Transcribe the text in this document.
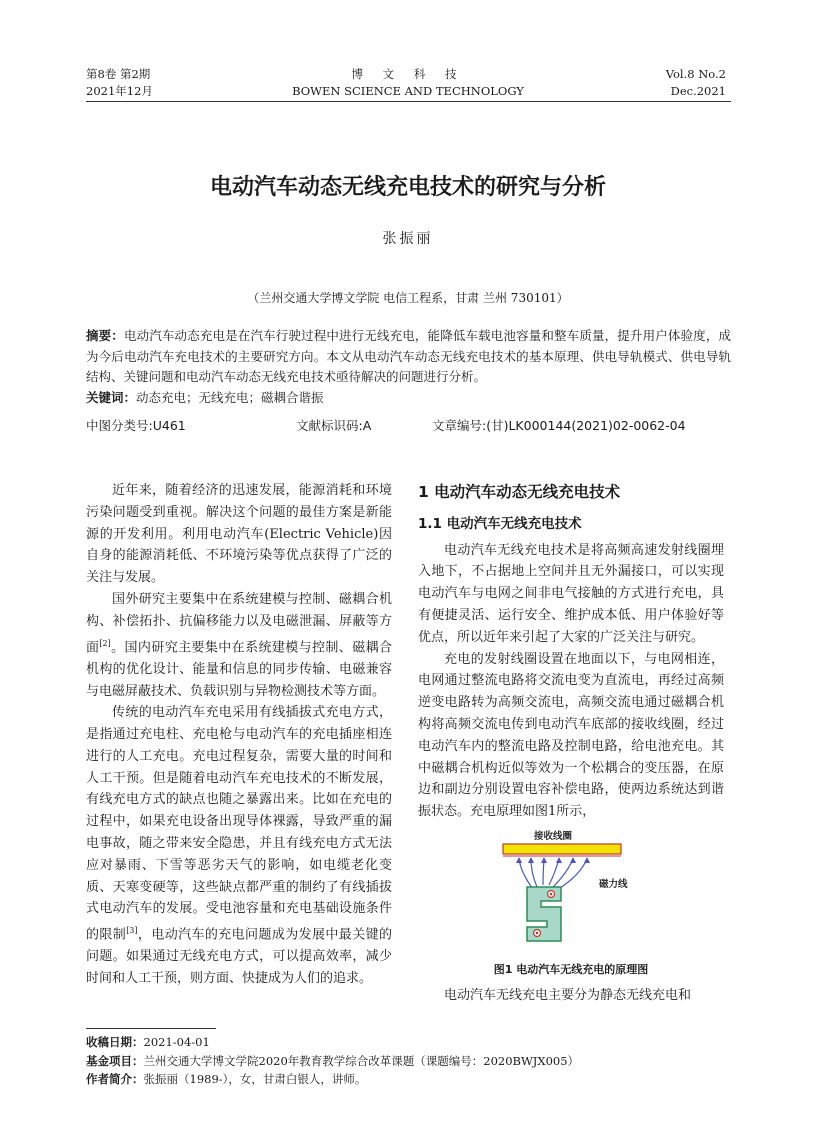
第8卷 第2期
2021年12月
博 文 科 技
BOWEN SCIENCE AND TECHNOLOGY
Vol.8 No.2
Dec.2021
电动汽车动态无线充电技术的研究与分析
张振丽
（兰州交通大学博文学院 电信工程系，甘肃 兰州 730101）
摘要：电动汽车动态充电是在汽车行驶过程中进行无线充电，能降低车载电池容量和整车质量，提升用户体验度，成为今后电动汽车充电技术的主要研究方向。本文从电动汽车动态无线充电技术的基本原理、供电导轨模式、供电导轨结构、关键问题和电动汽车动态无线充电技术亟待解决的问题进行分析。
关键词：动态充电；无线充电；磁耦合谐振
中图分类号:U461	文献标识码:A	文章编号:(甘)LK000144(2021)02-0062-04

近年来，随着经济的迅速发展，能源消耗和环境污染问题受到重视。解决这个问题的最佳方案是新能源的开发利用。利用电动汽车(Electric Vehicle)因自身的能源消耗低、不环境污染等优点获得了广泛的关注与发展。

国外研究主要集中在系统建模与控制、磁耦合机构、补偿拓扑、抗偏移能力以及电磁泄漏、屏蔽等方面[2]。国内研究主要集中在系统建模与控制、磁耦合机构的优化设计、能量和信息的同步传输、电磁兼容与电磁屏蔽技术、负载识别与异物检测技术等方面。

传统的电动汽车充电采用有线插拔式充电方式，是指通过充电柱、充电枪与电动汽车的充电插座相连进行的人工充电。充电过程复杂，需要大量的时间和人工干预。但是随着电动汽车充电技术的不断发展，有线充电方式的缺点也随之暴露出来。比如在充电的过程中，如果充电设备出现导体裸露，导致严重的漏电事故，随之带来安全隐患，并且有线充电方式无法应对暴雨、下雪等恶劣天气的影响，如电缆老化变质、天寒变硬等，这些缺点都严重的制约了有线插拔式电动汽车的发展。受电池容量和充电基础设施条件的限制[3]，电动汽车的充电问题成为发展中最关键的问题。如果通过无线充电方式，可以提高效率，减少时间和人工干预，则方面、快捷成为人们的追求。

1 电动汽车动态无线充电技术
1.1 电动汽车无线充电技术

电动汽车无线充电技术是将高频高速发射线圈埋入地下，不占据地上空间并且无外漏接口，可以实现电动汽车与电网之间非电气接触的方式进行充电，具有便捷灵活、运行安全、维护成本低、用户体验好等优点，所以近年来引起了大家的广泛关注与研究。

充电的发射线圈设置在地面以下，与电网相连，电网通过整流电路将交流电变为直流电，再经过高频逆变电路转为高频交流电，高频交流电通过磁耦合机构将高频交流电传到电动汽车底部的接收线圈，经过电动汽车内的整流电路及控制电路，给电池充电。其中磁耦合机构近似等效为一个松耦合的变压器，在原边和副边分别设置电容补偿电路，使两边系统达到谐振状态。充电原理如图1所示，

接收线圈
磁力线
图1 电动汽车无线充电的原理图

电动汽车无线充电主要分为静态无线充电和

收稿日期：2021-04-01
基金项目：兰州交通大学博文学院2020年教育教学综合改革课题（课题编号：2020BWJX005）
作者简介：张振丽（1989-），女，甘肃白银人，讲师。
